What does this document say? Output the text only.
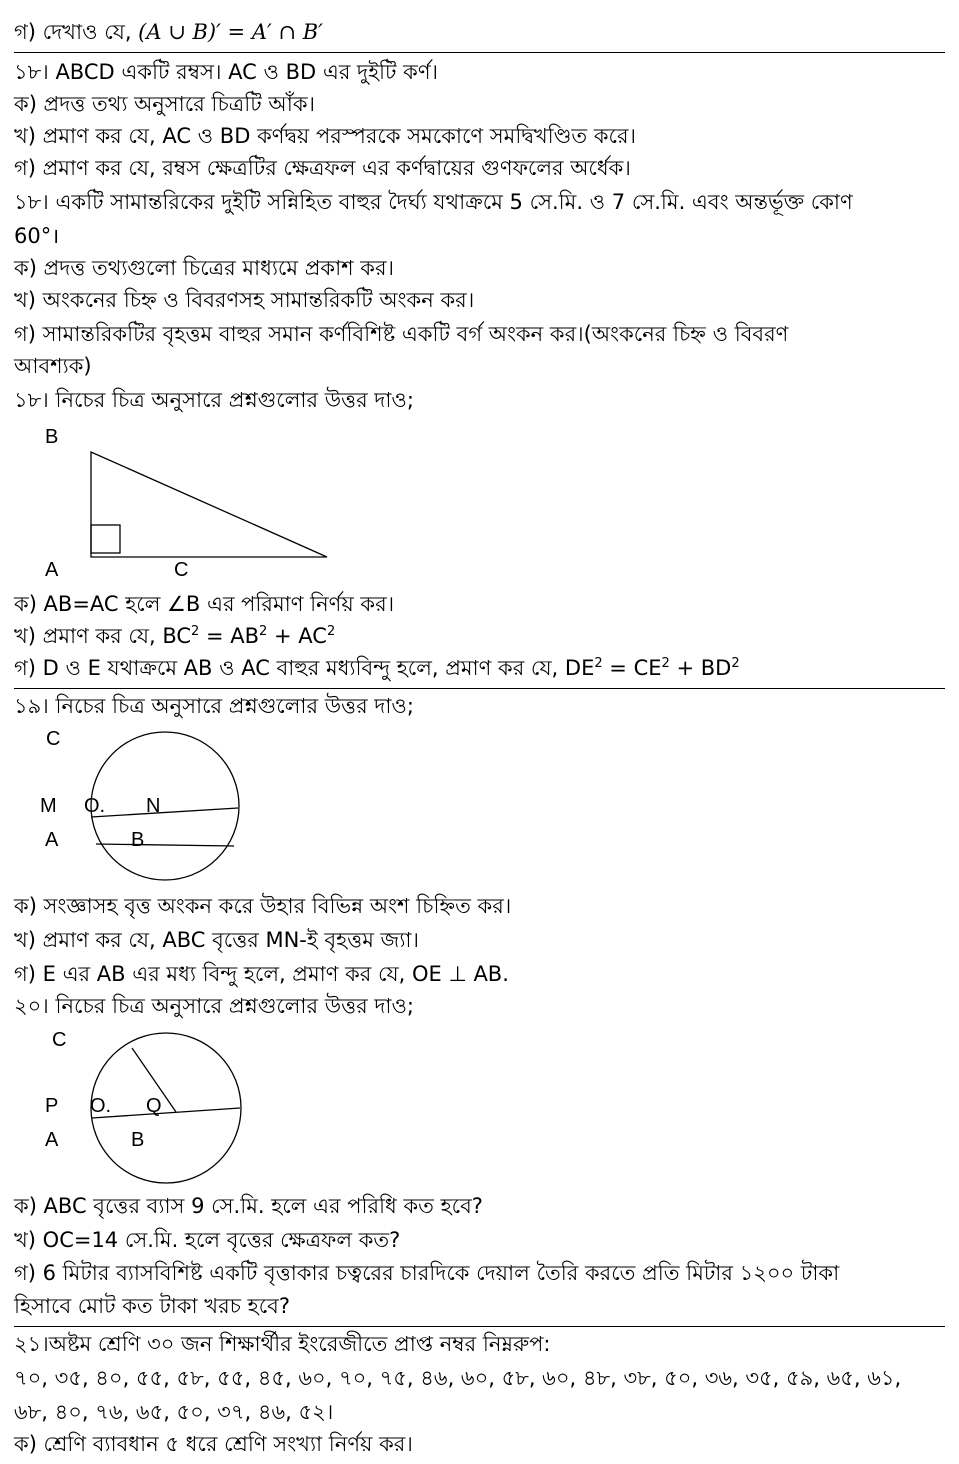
গ) দেখাও যে, (A ∪ B)′ = A′ ∩ B′
১৮। ABCD একটি রম্বস। AC ও BD এর দুইটি কর্ণ।
ক) প্রদত্ত তথ্য অনুসারে চিত্রটি আঁক।
খ) প্রমাণ কর যে, AC ও BD কর্ণদ্বয় পরস্পরকে সমকোণে সমদ্বিখণ্ডিত করে।
গ) প্রমাণ কর যে, রম্বস ক্ষেত্রটির ক্ষেত্রফল এর কর্ণদ্বায়ের গুণফলের অর্ধেক।
১৮। একটি সামান্তরিকের দুইটি সন্নিহিত বাহুর দৈর্ঘ্য যথাক্রমে 5 সে.মি. ও 7 সে.মি. এবং অন্তর্ভূক্ত কোণ
60°।
ক) প্রদত্ত তথ্যগুলো চিত্রের মাধ্যমে প্রকাশ কর।
খ) অংকনের চিহ্ন ও বিবরণসহ সামান্তরিকটি অংকন কর।
গ) সামান্তরিকটির বৃহত্তম বাহুর সমান কর্ণবিশিষ্ট একটি বর্গ অংকন কর।(অংকনের চিহ্ন ও বিবরণ
আবশ্যক)
১৮। নিচের চিত্র অনুসারে প্রশ্নগুলোর উত্তর দাও;
B
A	C
ক) AB=AC হলে ∠B এর পরিমাণ নির্ণয় কর।
খ) প্রমাণ কর যে, $BC^2 = AB^2 + AC^2$
গ) D ও E যথাক্রমে AB ও AC বাহুর মধ্যবিন্দু হলে, প্রমাণ কর যে, $DE^2 = CE^2 + BD^2$
১৯। নিচের চিত্র অনুসারে প্রশ্নগুলোর উত্তর দাও;
C
M O. N
A	B
ক) সংজ্ঞাসহ বৃত্ত অংকন করে উহার বিভিন্ন অংশ চিহ্নিত কর।
খ) প্রমাণ কর যে, ABC বৃত্তের MN-ই বৃহত্তম জ্যা।
গ) E এর AB এর মধ্য বিন্দু হলে, প্রমাণ কর যে, OE ⊥ AB.
২০। নিচের চিত্র অনুসারে প্রশ্নগুলোর উত্তর দাও;
C
P O. Q
A	B
ক) ABC বৃত্তের ব্যাস 9 সে.মি. হলে এর পরিধি কত হবে?
খ) OC=14 সে.মি. হলে বৃত্তের ক্ষেত্রফল কত?
গ) 6 মিটার ব্যাসবিশিষ্ট একটি বৃত্তাকার চত্বরের চারদিকে দেয়াল তৈরি করতে প্রতি মিটার ১২০০ টাকা
হিসাবে মোট কত টাকা খরচ হবে?
২১।অষ্টম শ্রেণি ৩০ জন শিক্ষার্থীর ইংরেজীতে প্রাপ্ত নম্বর নিম্নরুপ:
৭০, ৩৫, ৪০, ৫৫, ৫৮, ৫৫, ৪৫, ৬০, ৭০, ৭৫, ৪৬, ৬০, ৫৮, ৬০, ৪৮, ৩৮, ৫০, ৩৬, ৩৫, ৫৯, ৬৫, ৬১,
৬৮, ৪০, ৭৬, ৬৫, ৫০, ৩৭, ৪৬, ৫২।
ক) শ্রেণি ব্যাবধান ৫ ধরে শ্রেণি সংখ্যা নির্ণয় কর।
